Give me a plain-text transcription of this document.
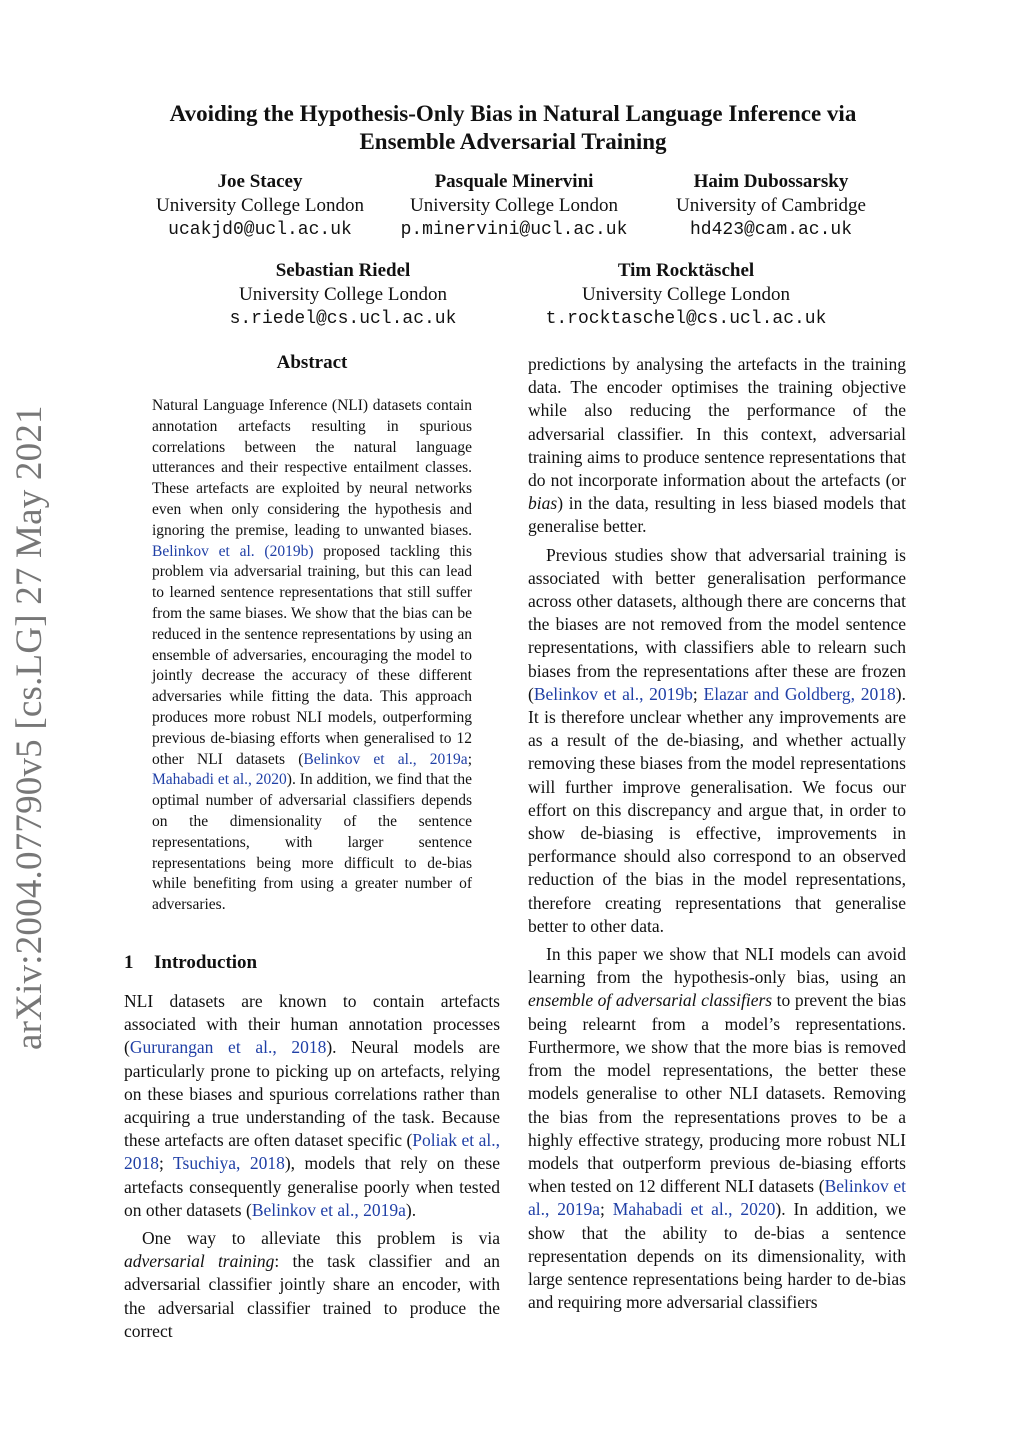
arXiv:2004.07790v5 [cs.LG] 27 May 2021
Avoiding the Hypothesis-Only Bias in Natural Language Inference via Ensemble Adversarial Training
Joe Stacey
University College London
ucakjd0@ucl.ac.uk
Pasquale Minervini
University College London
p.minervini@ucl.ac.uk
Haim Dubossarsky
University of Cambridge
hd423@cam.ac.uk
Sebastian Riedel
University College London
s.riedel@cs.ucl.ac.uk
Tim Rocktäschel
University College London
t.rocktaschel@cs.ucl.ac.uk
Abstract
Natural Language Inference (NLI) datasets contain annotation artefacts resulting in spurious correlations between the natural language utterances and their respective entailment classes. These artefacts are exploited by neural networks even when only considering the hypothesis and ignoring the premise, leading to unwanted biases. Belinkov et al. (2019b) proposed tackling this problem via adversarial training, but this can lead to learned sentence representations that still suffer from the same biases. We show that the bias can be reduced in the sentence representations by using an ensemble of adversaries, encouraging the model to jointly decrease the accuracy of these different adversaries while fitting the data. This approach produces more robust NLI models, outperforming previous de-biasing efforts when generalised to 12 other NLI datasets (Belinkov et al., 2019a; Mahabadi et al., 2020). In addition, we find that the optimal number of adversarial classifiers depends on the dimensionality of the sentence representations, with larger sentence representations being more difficult to de-bias while benefiting from using a greater number of adversaries.
1 Introduction

NLI datasets are known to contain artefacts associated with their human annotation processes (Gururangan et al., 2018). Neural models are particularly prone to picking up on artefacts, relying on these biases and spurious correlations rather than acquiring a true understanding of the task. Because these artefacts are often dataset specific (Poliak et al., 2018; Tsuchiya, 2018), models that rely on these artefacts consequently generalise poorly when tested on other datasets (Belinkov et al., 2019a).

One way to alleviate this problem is via adversarial training: the task classifier and an adversarial classifier jointly share an encoder, with the adversarial classifier trained to produce the correct

predictions by analysing the artefacts in the training data. The encoder optimises the training objective while also reducing the performance of the adversarial classifier. In this context, adversarial training aims to produce sentence representations that do not incorporate information about the artefacts (or bias) in the data, resulting in less biased models that generalise better.

Previous studies show that adversarial training is associated with better generalisation performance across other datasets, although there are concerns that the biases are not removed from the model sentence representations, with classifiers able to relearn such biases from the representations after these are frozen (Belinkov et al., 2019b; Elazar and Goldberg, 2018). It is therefore unclear whether any improvements are as a result of the de-biasing, and whether actually removing these biases from the model representations will further improve generalisation. We focus our effort on this discrepancy and argue that, in order to show de-biasing is effective, improvements in performance should also correspond to an observed reduction of the bias in the model representations, therefore creating representations that generalise better to other data.

In this paper we show that NLI models can avoid learning from the hypothesis-only bias, using an ensemble of adversarial classifiers to prevent the bias being relearnt from a model’s representations. Furthermore, we show that the more bias is removed from the model representations, the better these models generalise to other NLI datasets. Removing the bias from the representations proves to be a highly effective strategy, producing more robust NLI models that outperform previous de-biasing efforts when tested on 12 different NLI datasets (Belinkov et al., 2019a; Mahabadi et al., 2020). In addition, we show that the ability to de-bias a sentence representation depends on its dimensionality, with large sentence representations being harder to de-bias and requiring more adversarial classifiers
